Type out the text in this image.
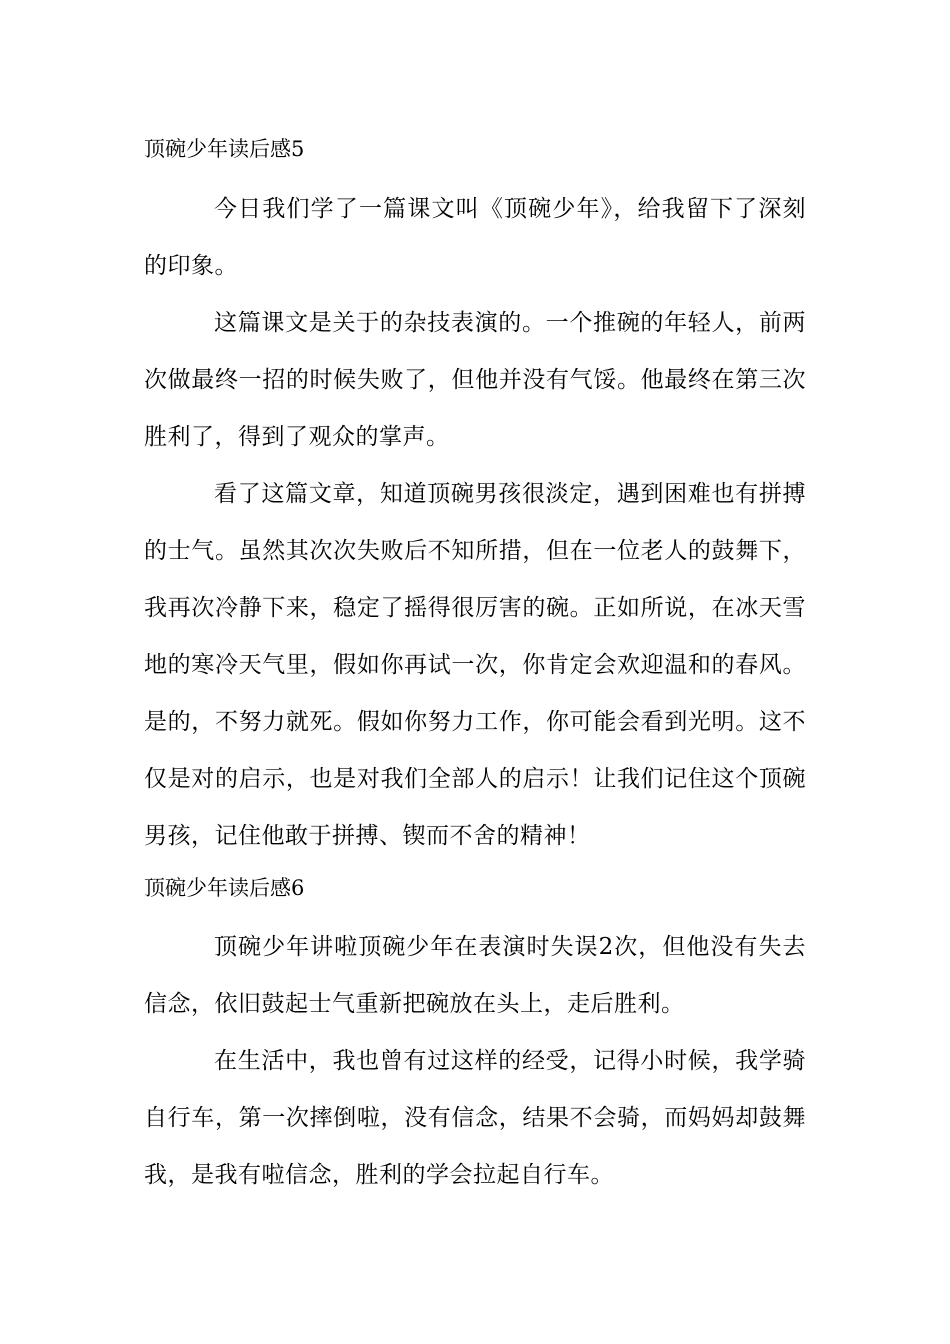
顶碗少年读后感5

今日我们学了一篇课文叫《顶碗少年》，给我留下了深刻的印象。

这篇课文是关于的杂技表演的。一个推碗的年轻人，前两次做最终一招的时候失败了，但他并没有气馁。他最终在第三次胜利了，得到了观众的掌声。

看了这篇文章，知道顶碗男孩很淡定，遇到困难也有拼搏的士气。虽然其次次失败后不知所措，但在一位老人的鼓舞下，我再次冷静下来，稳定了摇得很厉害的碗。正如所说，在冰天雪地的寒冷天气里，假如你再试一次，你肯定会欢迎温和的春风。是的，不努力就死。假如你努力工作，你可能会看到光明。这不仅是对的启示，也是对我们全部人的启示！让我们记住这个顶碗男孩，记住他敢于拼搏、锲而不舍的精神！

顶碗少年读后感6

顶碗少年讲啦顶碗少年在表演时失误2次，但他没有失去信念，依旧鼓起士气重新把碗放在头上，走后胜利。

在生活中，我也曾有过这样的经受，记得小时候，我学骑自行车，第一次摔倒啦，没有信念，结果不会骑，而妈妈却鼓舞我，是我有啦信念，胜利的学会拉起自行车。
